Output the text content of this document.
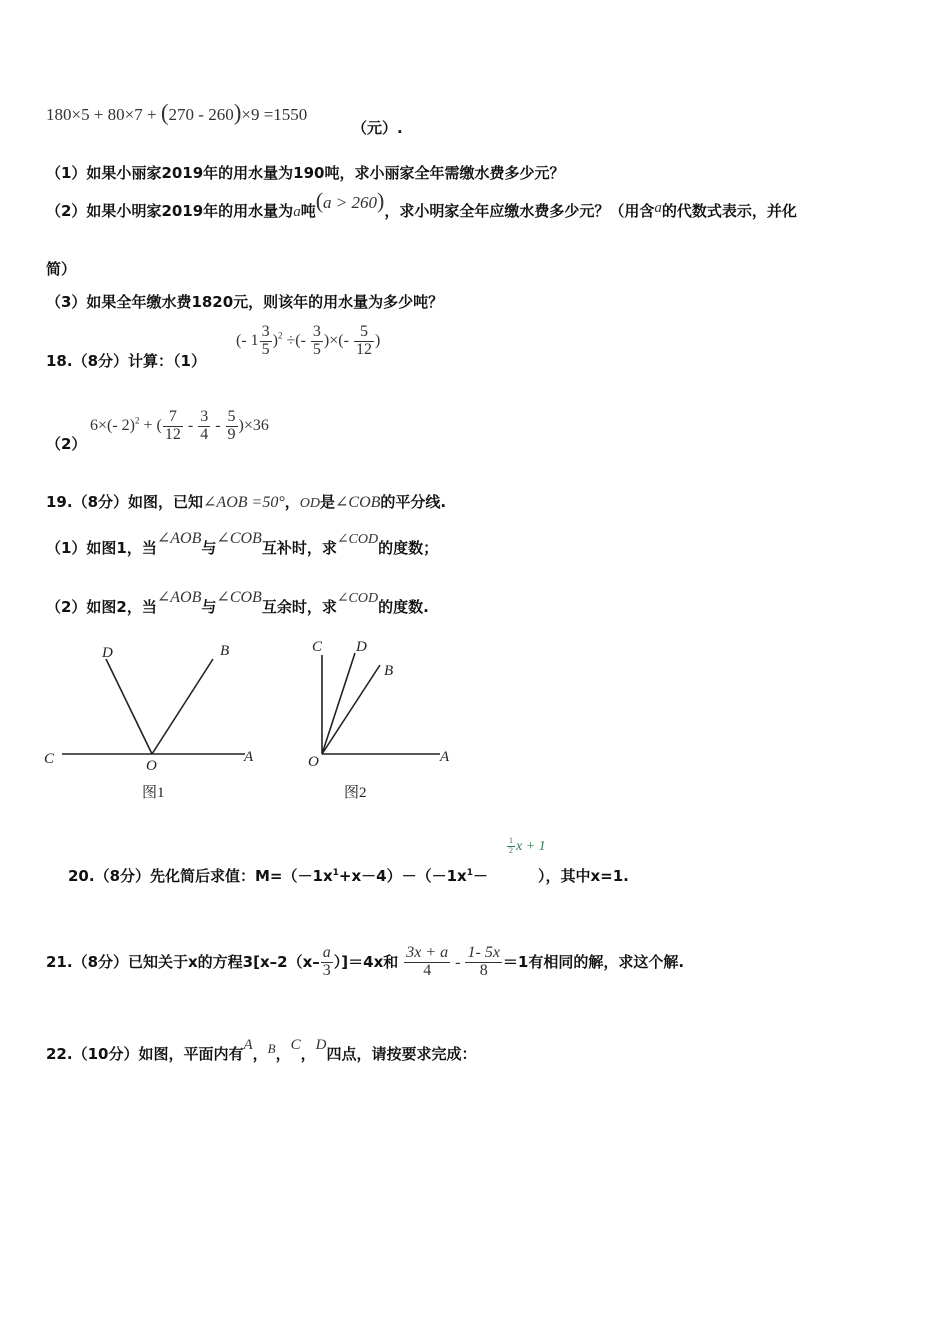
180×5 + 80×7 + (270 - 260)×9 =1550
（元）.
（1）如果小丽家2019年的用水量为190吨，求小丽家全年需缴水费多少元？
（2）如果小明家2019年的用水量为a吨(a > 260)，求小明家全年应缴水费多少元？（用含a的代数式表示，并化
简）
（3）如果全年缴水费1820元，则该年的用水量为多少吨？
18.（8分）计算：（1）
(- $1 \frac{3}{5} )^2$ ÷(- $\frac{3}{5}$ )×(- $\frac{5}{12}$ )
（2）
6×(- 2)$^2$ + ( $\frac{7}{12} - \frac{3}{4} - \frac{5}{9} )\times 36$
19.（8分）如图，已知∠AOB =50°，OD是∠COB的平分线.
（1）如图1，当∠AOB与∠COB互补时，求∠COD的度数；
（2）如图2，当∠AOB与∠COB互余时，求∠COD的度数.
D	B
C	O
A
图1
C D
B
O	A
图2
$\frac{1}{2}$ x + 1
20.（8分）先化简后求值：$M=(-1x^1+x-4)-(-1x^1-$	），其中x=1.
21.（8分）已知关于x的方程$3[x-2(x- \frac{a}{3} )]=4x$和 $\frac{3x + a}{4} - \frac{1- 5x}{8} =1$有相同的解，求这个解.
22.（10分）如图，平面内有A，B，C，D四点，请按要求完成：
